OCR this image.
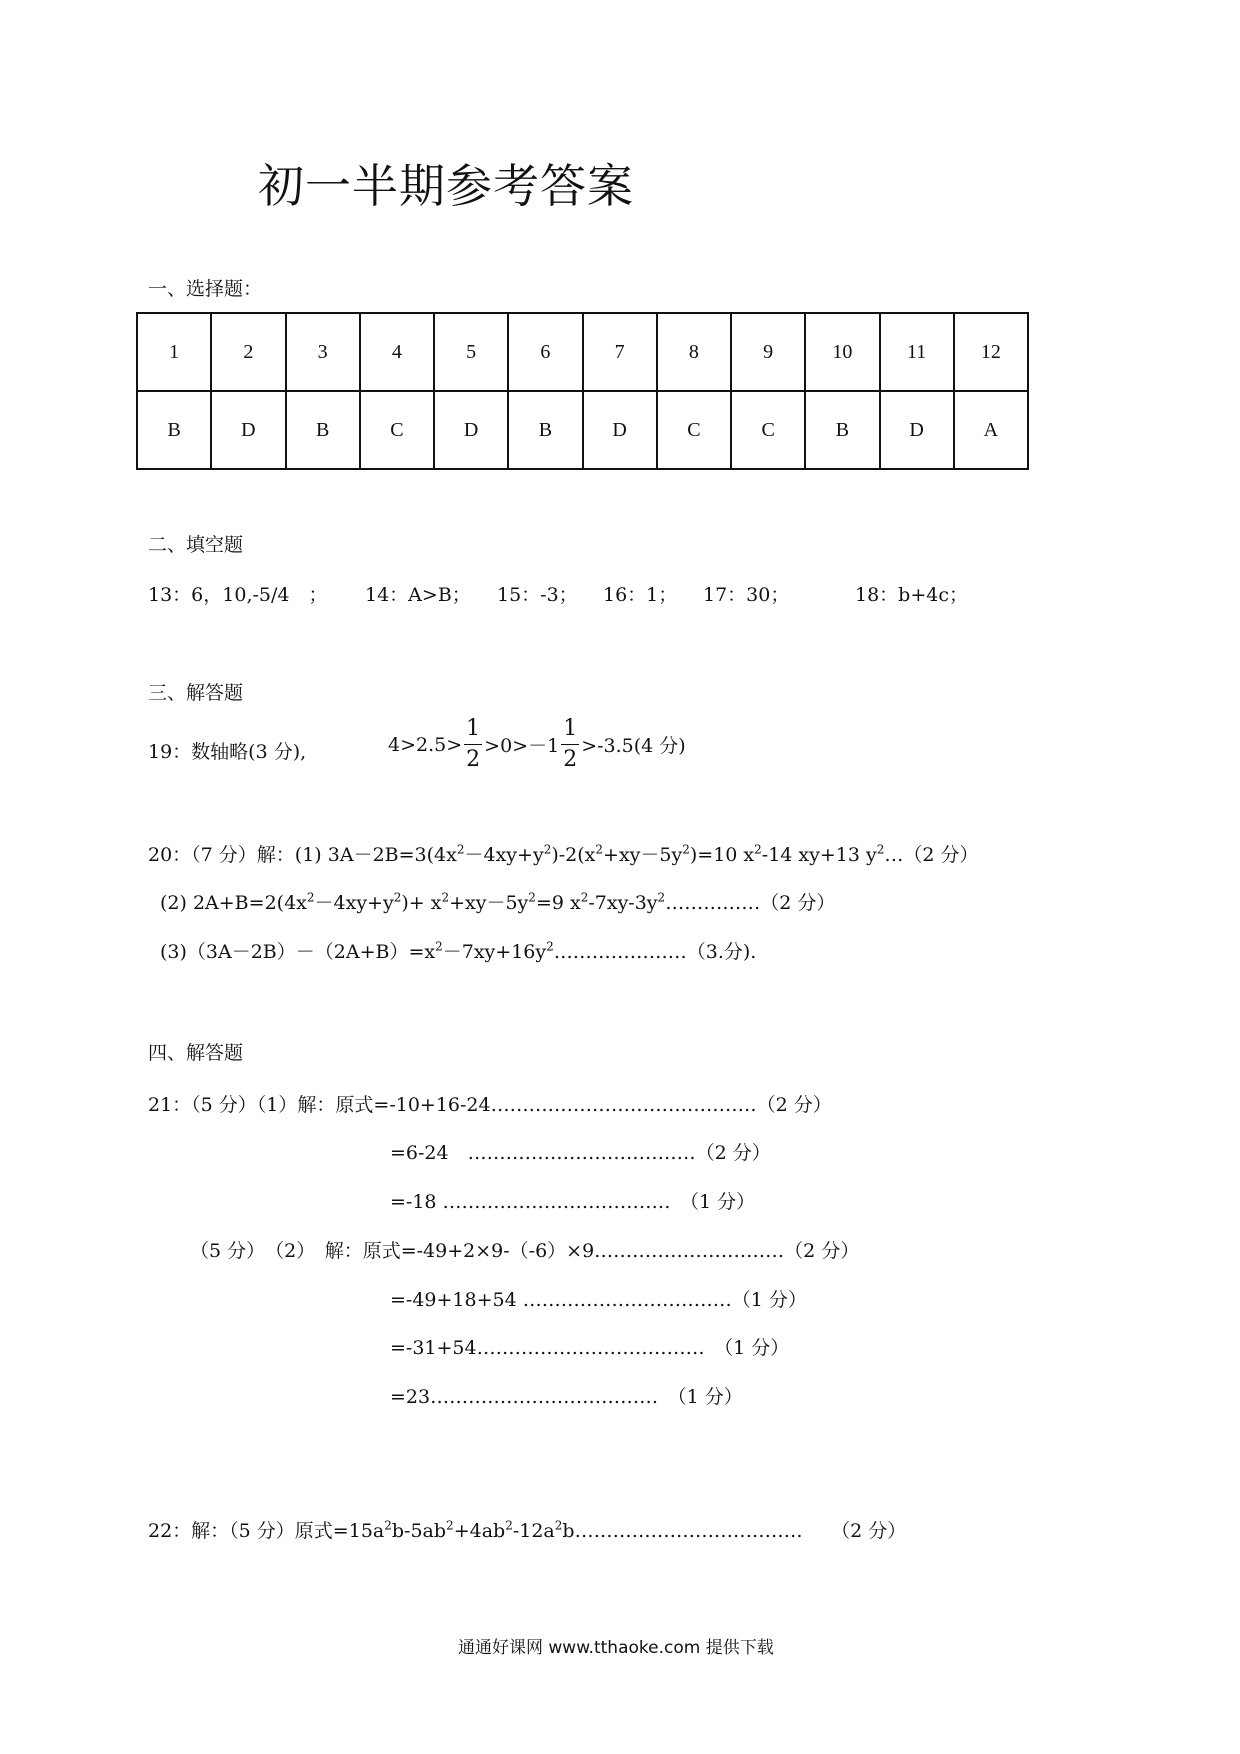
初一半期参考答案
一、选择题：
1	2	3	4	5	6	7	8	9	10	11	12
B	D	B	C	D	B	D	C	C	B	D	A
二、填空题
13：6，10,-5/4　； 14：A>B； 15：-3； 16：1； 17：30；	18：b+4c；
三、解答题
19：数轴略(3 分),	$4>2.5> \frac{1}{2} >0>-1 \frac{1}{2} >-3.5(4$ 分)
20：（7 分）解：(1) $3A-2B=3(4x^2-4xy+y^2)-2(x^2+xy-5y^2)=10$ $x^2-14$ xy+13 $y^2\dots(2$ 分）
(2) $2A+B=2(4x^2-4xy+y^2)+ x^2+xy-5y^2=9$ $x^2-7xy-3y^2\dots\dots\dots\dots\dots(2$ 分）
$(3)(3A-2B)-(2A+B)=x^2-7xy+16y^2\dots\dots\dots\dots\dots\dots\dots(3$.分).
四、解答题
21：（5 分）（1）解：原式=-10+16-24……………………………………（2 分）
=6-24　………………………………（2 分）
=-18 ………………………………　（1 分）
（5 分）　（2）　解：原式=-49+2×9-（-6）×9…………………………（2 分）
=-49+18+54 ……………………………（1 分）
=-31+54………………………………　（1 分）
=23………………………………　（1 分）
22：解：（5 分）原式$=15a^2b-5ab^2+4ab^2-12a^2b\dots\dots\dots\dots\dots\dots\dots\dots\dots\dots\dots\dots$　　（2 分）
通通好课网 www.tthaoke.com 提供下载
